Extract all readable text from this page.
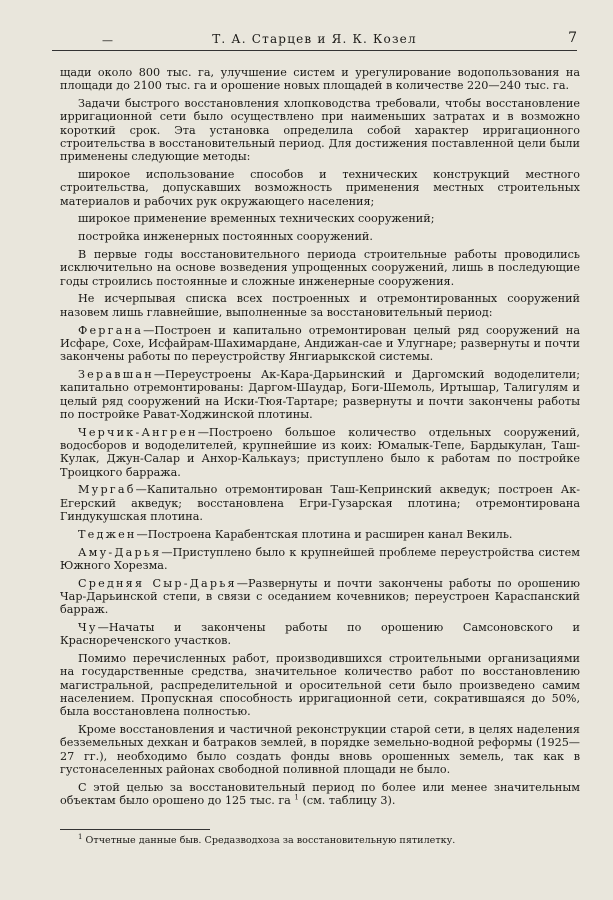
—	Т. А. Старцев и Я. К. Козел	7

щади около 800 тыс. га, улучшение систем и урегулирование водопользования на площади до 2100 тыс. га и орошение новых площадей в количестве 220—240 тыс. га.

Задачи быстрого восстановления хлопководства требовали, чтобы восстановление ирригационной сети было осуществлено при наименьших затратах и в возможно короткий срок. Эта установка определила собой характер ирригационного строительства в восстановительный период. Для достижения поставленной цели были применены следующие методы:

широкое использование способов и технических конструкций местного строительства, допускавших возможность применения местных строительных материалов и рабочих рук окружающего населения;

широкое применение временных технических сооружений;

постройка инженерных постоянных сооружений.

В первые годы восстановительного периода строительные работы проводились исключительно на основе возведения упрощенных сооружений, лишь в последующие годы строились постоянные и сложные инженерные сооружения.

Не исчерпывая списка всех построенных и отремонтированных сооружений назовем лишь главнейшие, выполненные за восстановительный период:

Фергана—Построен и капитально отремонтирован целый ряд сооружений на Исфаре, Сохе, Исфайрам-Шахимардане, Андижан-сае и Улугнаре; развернуты и почти закончены работы по переустройству Янгиарыкской системы.

Зеравшан—Переустроены Ак-Кара-Дарьинский и Даргомский вододелители; капитально отремонтированы: Даргом-Шаудар, Боги-Шемоль, Иртышар, Талигулям и целый ряд сооружений на Иски-Тюя-Тартаре; развернуты и почти закончены работы по постройке Рават-Ходжинской плотины.

Черчик-Ангрен—Построено большое количество отдельных сооружений, водосборов и вододелителей, крупнейшие из коих: Юмалык-Тепе, Бардыкулан, Таш-Кулак, Джун-Салар и Анхор-Калькауз; приступлено было к работам по постройке Троицкого барража.

Мургаб—Капитально отремонтирован Таш-Кепринский акведук; построен Ак-Егерский акведук; восстановлена Егри-Гузарская плотина; отремонтирована Гиндукушская плотина.

Теджен—Построена Карабентская плотина и расширен канал Векиль.

Аму-Дарья—Приступлено было к крупнейшей проблеме переустройства систем Южного Хорезма.

Средняя Сыр-Дарья—Развернуты и почти закончены работы по орошению Чар-Дарьинской степи, в связи с оседанием кочевников; переустроен Караспанский барраж.

Чу—Начаты и закончены работы по орошению Самсоновского и Краснореченского участков.

Помимо перечисленных работ, производившихся строительными организациями на государственные средства, значительное количество работ по восстановлению магистральной, распределительной и оросительной сети было произведено самим населением. Пропускная способность ирригационной сети, сократившаяся до 50%, была восстановлена полностью.

Кроме восстановления и частичной реконструкции старой сети, в целях наделения безземельных дехкан и батраков землей, в порядке земельно-водной реформы (1925—27 гг.), необходимо было создать фонды вновь орошенных земель, так как в густонаселенных районах свободной поливной площади не было.

С этой целью за восстановительный период по более или менее значительным объектам было орошено до 125 тыс. га $^1$ (см. таблицу 3).

$^1$ Отчетные данные быв. Средазводхоза за восстановительную пятилетку.
